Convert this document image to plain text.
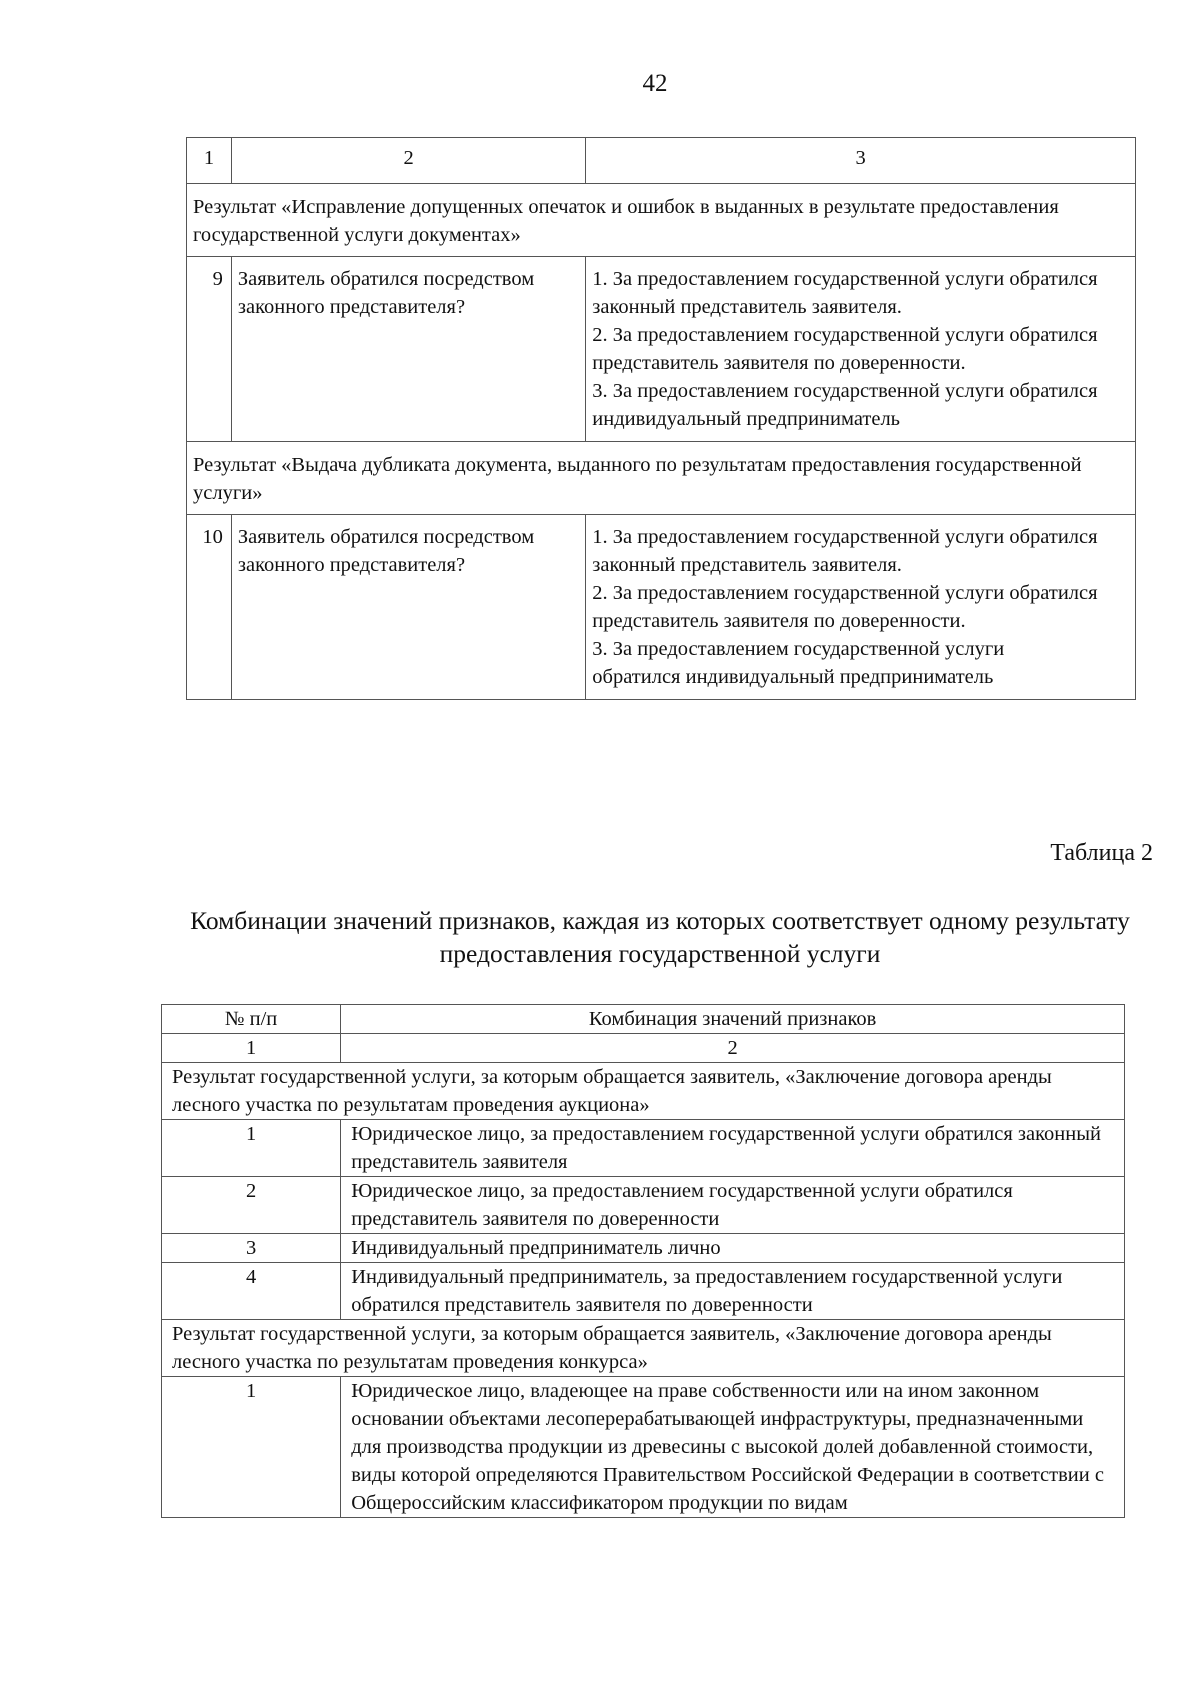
42
1	2	3
Результат «Исправление допущенных опечаток и ошибок в выданных в результате предоставления государственной услуги документах»		
9	Заявитель обратился посредством законного представителя?	1. За предоставлением государственной услуги обратился законный представитель заявителя.
2. За предоставлением государственной услуги обратился представитель заявителя по доверенности.
3. За предоставлением государственной услуги обратился индивидуальный предприниматель

Результат «Выдача дубликата документа, выданного по результатам предоставления государственной услуги»		
10	Заявитель обратился посредством законного представителя?	1. За предоставлением государственной услуги обратился законный представитель заявителя.
2. За предоставлением государственной услуги обратился представитель заявителя по доверенности.
3. За предоставлением государственной услуги обратился индивидуальный предприниматель
Таблица 2
Комбинации значений признаков, каждая из которых соответствует одному результату предоставления государственной услуги
№ п/п	Комбинация значений признаков
1	2
Результат государственной услуги, за которым обращается заявитель, «Заключение договора аренды лесного участка по результатам проведения аукциона»	
1	Юридическое лицо, за предоставлением государственной услуги обратился законный представитель заявителя
2	Юридическое лицо, за предоставлением государственной услуги обратился представитель заявителя по доверенности
3	Индивидуальный предприниматель лично
4	Индивидуальный предприниматель, за предоставлением государственной услуги обратился представитель заявителя по доверенности
Результат государственной услуги, за которым обращается заявитель, «Заключение договора аренды лесного участка по результатам проведения конкурса»	
1	Юридическое лицо, владеющее на праве собственности или на ином законном основании объектами лесоперерабатывающей инфраструктуры, предназначенными для производства продукции из древесины с высокой долей добавленной стоимости, виды которой определяются Правительством Российской Федерации в соответствии с Общероссийским классификатором продукции по видам
